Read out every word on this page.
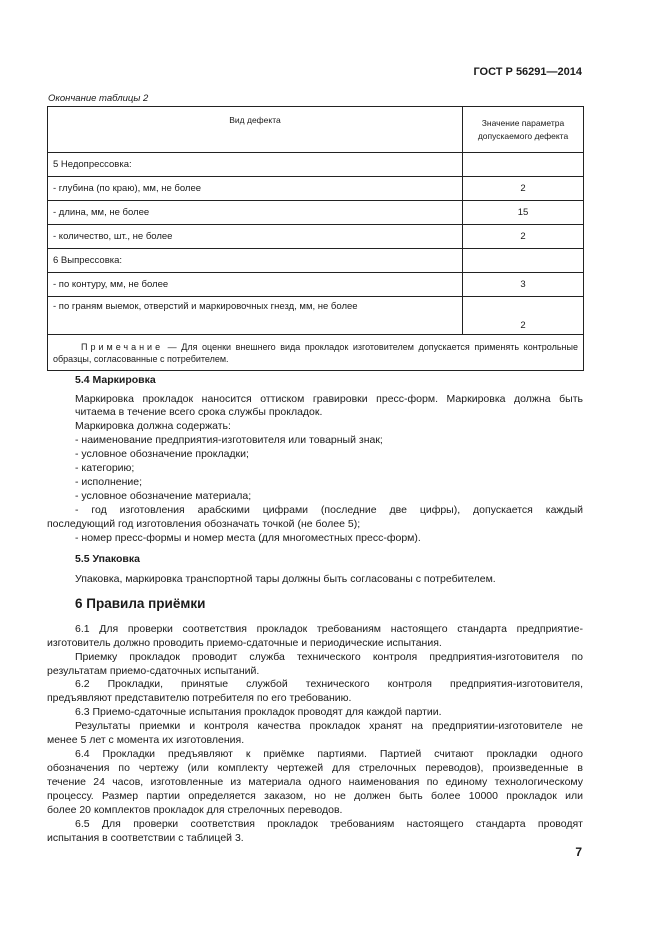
ГОСТ Р 56291—2014
Окончание таблицы 2
Вид дефекта	Значение параметра
допускаемого дефекта

5 Недопрессовка:	
- глубина (по краю), мм, не более	2
- длина, мм, не более	15
- количество, шт., не более	2
6 Выпрессовка:	
- по контуру, мм, не более	3
- по граням выемок, отверстий и маркировочных гнезд, мм, не более	2
Примечание — Для оценки внешнего вида прокладок изготовителем допускается применять контрольные образцы, согласованные с потребителем.	
5.4 Маркировка
Маркировка прокладок наносится оттиском гравировки пресс-форм. Маркировка должна быть
читаема в течение всего срока службы прокладок.
Маркировка должна содержать:
- наименование предприятия-изготовителя или товарный знак;
- условное обозначение прокладки;
- категорию;
- исполнение;
- условное обозначение материала;
- год изготовления арабскими цифрами (последние две цифры), допускается каждый
последующий год изготовления обозначать точкой (не более 5);
- номер пресс-формы и номер места (для многоместных пресс-форм).
5.5 Упаковка
Упаковка, маркировка транспортной тары должны быть согласованы с потребителем.
6 Правила приёмки
6.1 Для проверки соответствия прокладок требованиям настоящего стандарта предприятие-
изготовитель должно проводить приемо-сдаточные и периодические испытания.
Приемку прокладок проводит служба технического контроля предприятия-изготовителя по
результатам приемо-сдаточных испытаний.
6.2 Прокладки, принятые службой технического контроля предприятия-изготовителя,
предъявляют представителю потребителя по его требованию.
6.3 Приемо-сдаточные испытания прокладок проводят для каждой партии.
Результаты приемки и контроля качества прокладок хранят на предприятии-изготовителе не
менее 5 лет с момента их изготовления.
6.4 Прокладки предъявляют к приёмке партиями. Партией считают прокладки одного
обозначения по чертежу (или комплекту чертежей для стрелочных переводов), произведенные в
течение 24 часов, изготовленные из материала одного наименования по единому технологическому
процессу. Размер партии определяется заказом, но не должен быть более 10000 прокладок или
более 20 комплектов прокладок для стрелочных переводов.
6.5 Для проверки соответствия прокладок требованиям настоящего стандарта проводят
испытания в соответствии с таблицей 3.
7
